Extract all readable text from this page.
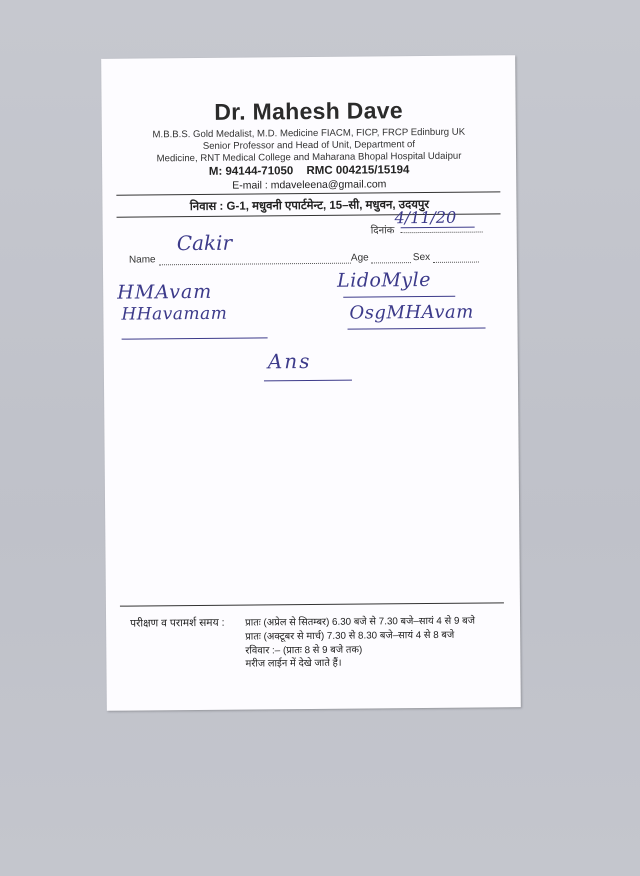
Dr. Mahesh Dave
M.B.B.S. Gold Medalist, M.D. Medicine FIACM, FICP, FRCP Edinburg UK
Senior Professor and Head of Unit, Department of
Medicine, RNT Medical College and Maharana Bhopal Hospital Udaipur
M: 94144-71050 RMC 004215/15194
E-mail : mdaveleena@gmail.com
निवास : G-1, मधुवनी एपार्टमेन्ट, 15–सी, मधुवन, उदयपुर
दिनांक
4/11/20
Name	Age	Sex
Cakir
HMAvam
HHavamam
LidoMyle
OsgMHAvam
Ans
परीक्षण व परामर्श समय : प्रातः (अप्रेल से सितम्बर) 6.30 बजे से 7.30 बजे–सायं 4 से 9 बजे
प्रातः (अक्टूबर से मार्च) 7.30 से 8.30 बजे–सायं 4 से 8 बजे
रविवार :– (प्रातः 8 से 9 बजे तक)
मरीज लाईन में देखे जाते हैं।
